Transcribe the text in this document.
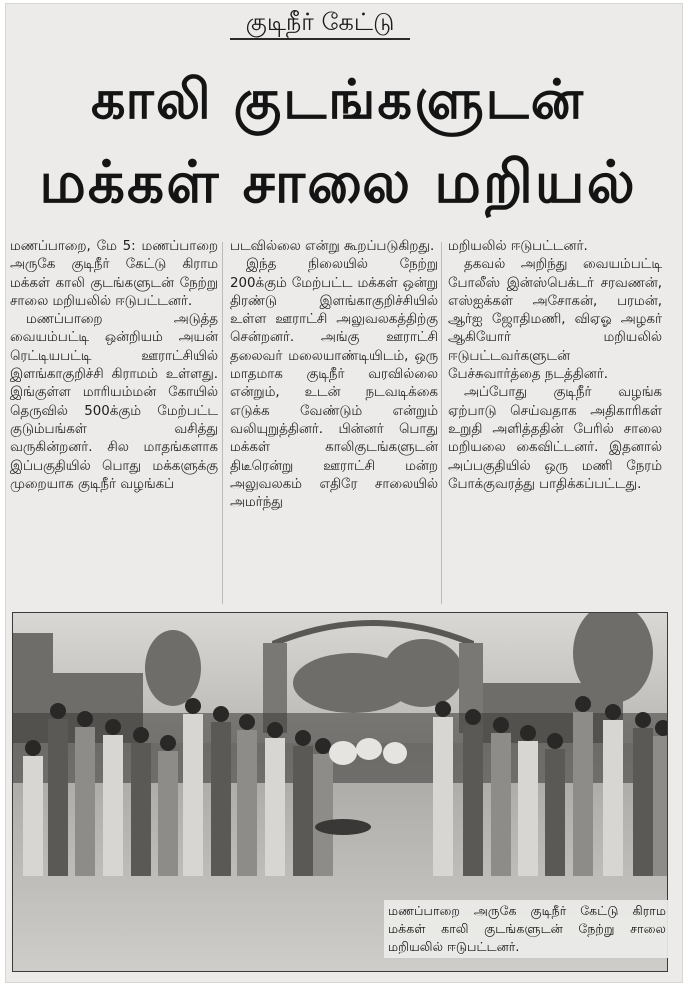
குடிநீர் கேட்டு
காலி குடங்களுடன்
மக்கள் சாலை மறியல்

மணப்பாறை, மே 5: மணப்பாறை அருகே குடிநீர் கேட்டு கிராம மக்கள் காலி குடங்களுடன் நேற்று சாலை மறியலில் ஈடுபட்டனர்.

மணப்பாறை அடுத்த வையம்பட்டி ஒன்றியம் அயன் ரெட்டியபட்டி ஊராட்சியில் இளங்காகுறிச்சி கிராமம் உள்ளது. இங்குள்ள மாரியம்மன் கோயில் தெருவில் 500க்கும் மேற்பட்ட குடும்பங்கள் வசித்து வருகின்றனர். சில மாதங்களாக இப்பகுதியில் பொது மக்களுக்கு முறையாக குடிநீர் வழங்கப்

படவில்லை என்று கூறப்படுகிறது.

இந்த நிலையில் நேற்று 200க்கும் மேற்பட்ட மக்கள் ஒன்று திரண்டு இளங்காகுறிச்சியில் உள்ள ஊராட்சி அலுவலகத்திற்கு சென்றனர். அங்கு ஊராட்சி தலைவர் மலையாண்டியிடம், ஒரு மாதமாக குடிநீர் வரவில்லை என்றும், உடன் நடவடிக்கை எடுக்க வேண்டும் என்றும் வலியுறுத்தினர். பின்னர் பொது மக்கள் காலிகுடங்களுடன் திடீரென்று ஊராட்சி மன்ற அலுவலகம் எதிரே சாலையில் அமர்ந்து

மறியலில் ஈடுபட்டனர்.

தகவல் அறிந்து வையம்பட்டி போலீஸ் இன்ஸ்பெக்டர் சரவணன், எஸ்ஐக்கள் அசோகன், பரமன், ஆர்ஐ ஜோதிமணி, விஏஓ அழகர் ஆகியோர் மறியலில் ஈடுபட்டவர்களுடன் பேச்சுவார்த்தை நடத்தினர்.

அப்போது குடிநீர் வழங்க ஏற்பாடு செய்வதாக அதிகாரிகள் உறுதி அளித்ததின் பேரில் சாலை மறியலை கைவிட்டனர். இதனால் அப்பகுதியில் ஒரு மணி நேரம் போக்குவரத்து பாதிக்கப்பட்டது.

மணப்பாறை அருகே குடிநீர் கேட்டு கிராம மக்கள் காலி குடங்களுடன் நேற்று சாலை மறியலில் ஈடுபட்டனர்.
